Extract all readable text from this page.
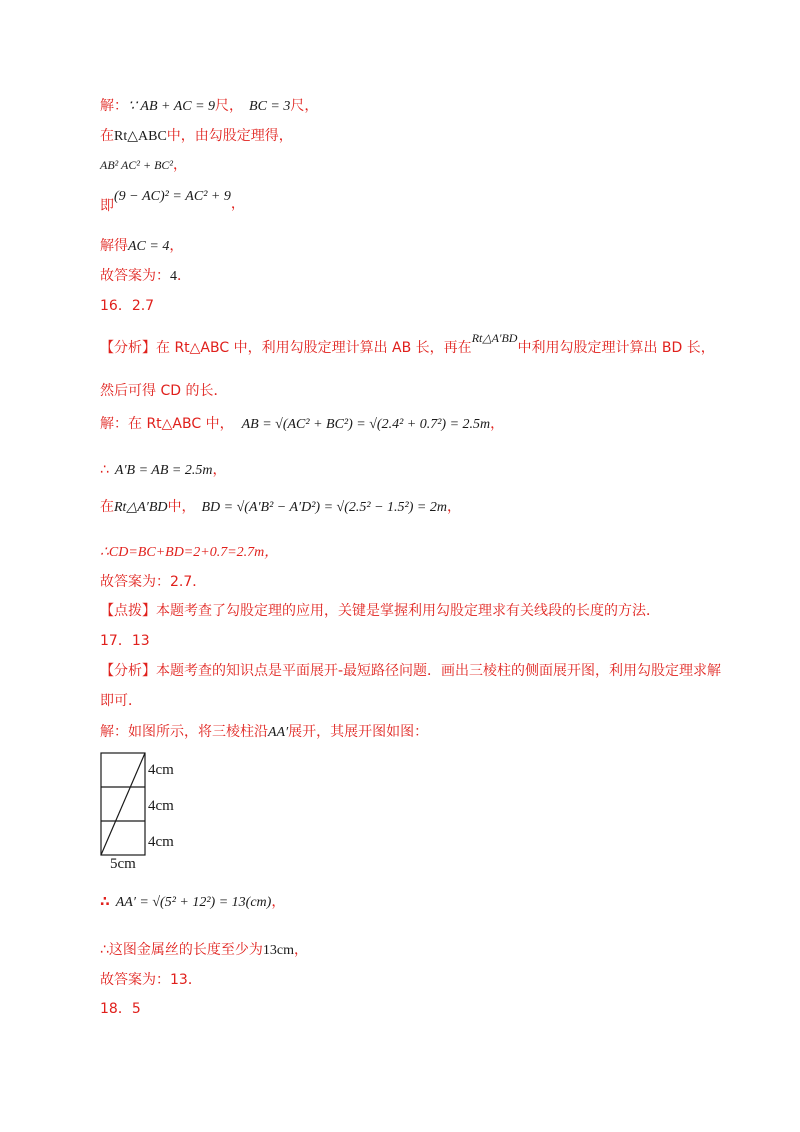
解：∵ AB + AC = 9尺， BC = 3尺，
在Rt△ABC中，由勾股定理得，
AB² AC² + BC²，
即(9 − AC)² = AC² + 9，
解得AC = 4，
故答案为：4．
16．2.7
【分析】在 Rt△ABC 中，利用勾股定理计算出 AB 长，再在Rt△A'BD中利用勾股定理计算出 BD 长，
然后可得 CD 的长．
解：在 Rt△ABC 中， AB = √(AC² + BC²) = √(2.4² + 0.7²) = 2.5m，
∴ A′B = AB = 2.5m，
在Rt△A′BD中， BD = √(A′B² − A′D²) = √(2.5² − 1.5²) = 2m，
∴CD=BC+BD=2+0.7=2.7m，
故答案为：2.7．
【点拨】本题考查了勾股定理的应用，关键是掌握利用勾股定理求有关线段的长度的方法．
17．13
【分析】本题考查的知识点是平面展开-最短路径问题．画出三棱柱的侧面展开图，利用勾股定理求解
即可．
解：如图所示，将三棱柱沿AA′展开，其展开图如图：
4cm
4cm
4cm
5cm
∴ AA′ = √(5² + 12²) = 13(cm)，
∴这图金属丝的长度至少为13cm，
故答案为：13．
18．5
